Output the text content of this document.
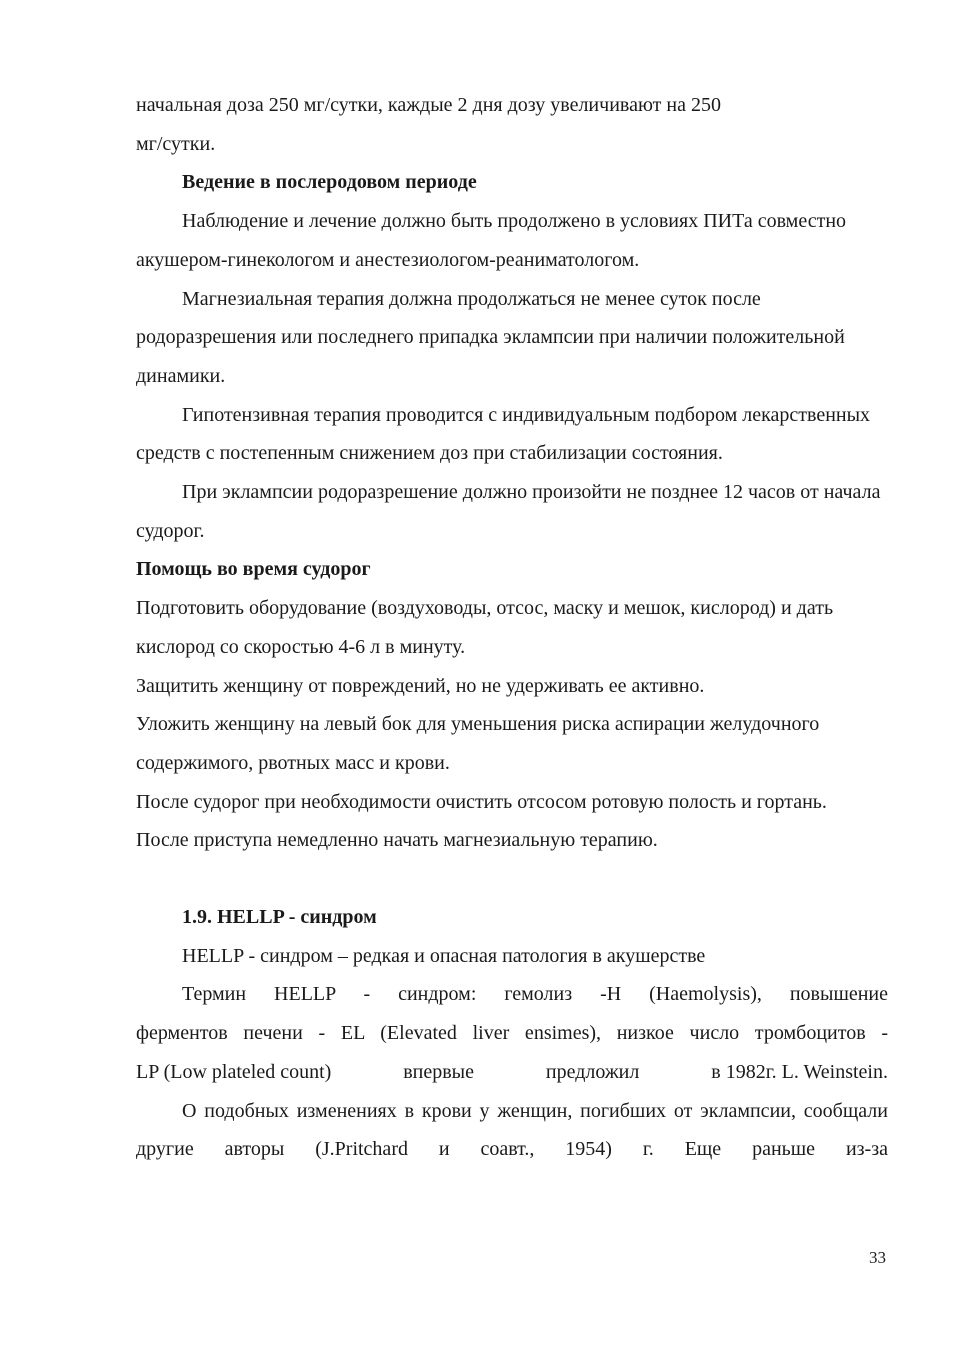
начальная доза 250 мг/сутки, каждые 2 дня дозу увеличивают на 250

мг/сутки.

Ведение в послеродовом периоде

Наблюдение и лечение должно быть продолжено в условиях ПИТа совместно акушером-гинекологом и анестезиологом-реаниматологом.

Магнезиальная терапия должна продолжаться не менее суток после родоразрешения или последнего припадка эклампсии при наличии положительной динамики.

Гипотензивная терапия проводится с индивидуальным подбором лекарственных средств с постепенным снижением доз при стабилизации состояния.

При эклампсии родоразрешение должно произойти не позднее 12 часов от начала судорог.

Помощь во время судорог

Подготовить оборудование (воздуховоды, отсос, маску и мешок, кислород) и дать кислород со скоростью 4-6 л в минуту.

Защитить женщину от повреждений, но не удерживать ее активно.

Уложить женщину на левый бок для уменьшения риска аспирации желудочного содержимого, рвотных масс и крови.

После судорог при необходимости очистить отсосом ротовую полость и гортань.

После приступа немедленно начать магнезиальную терапию.

1.9. HELLP - синдром

HELLP - синдром – редкая и опасная патология в акушерстве

Термин HELLP - синдром: гемолиз -H (Haemolysis), повышение

ферментов печени - EL (Elevated liver ensimes), низкое число тромбоцитов -

LP (Low plateled count)	впервые	предложил	в 1982г. L. Weinstein.

О подобных изменениях в крови у женщин, погибших от эклампсии, сообщали другие авторы (J.Pritchard и соавт., 1954) г. Еще раньше из-за

33
